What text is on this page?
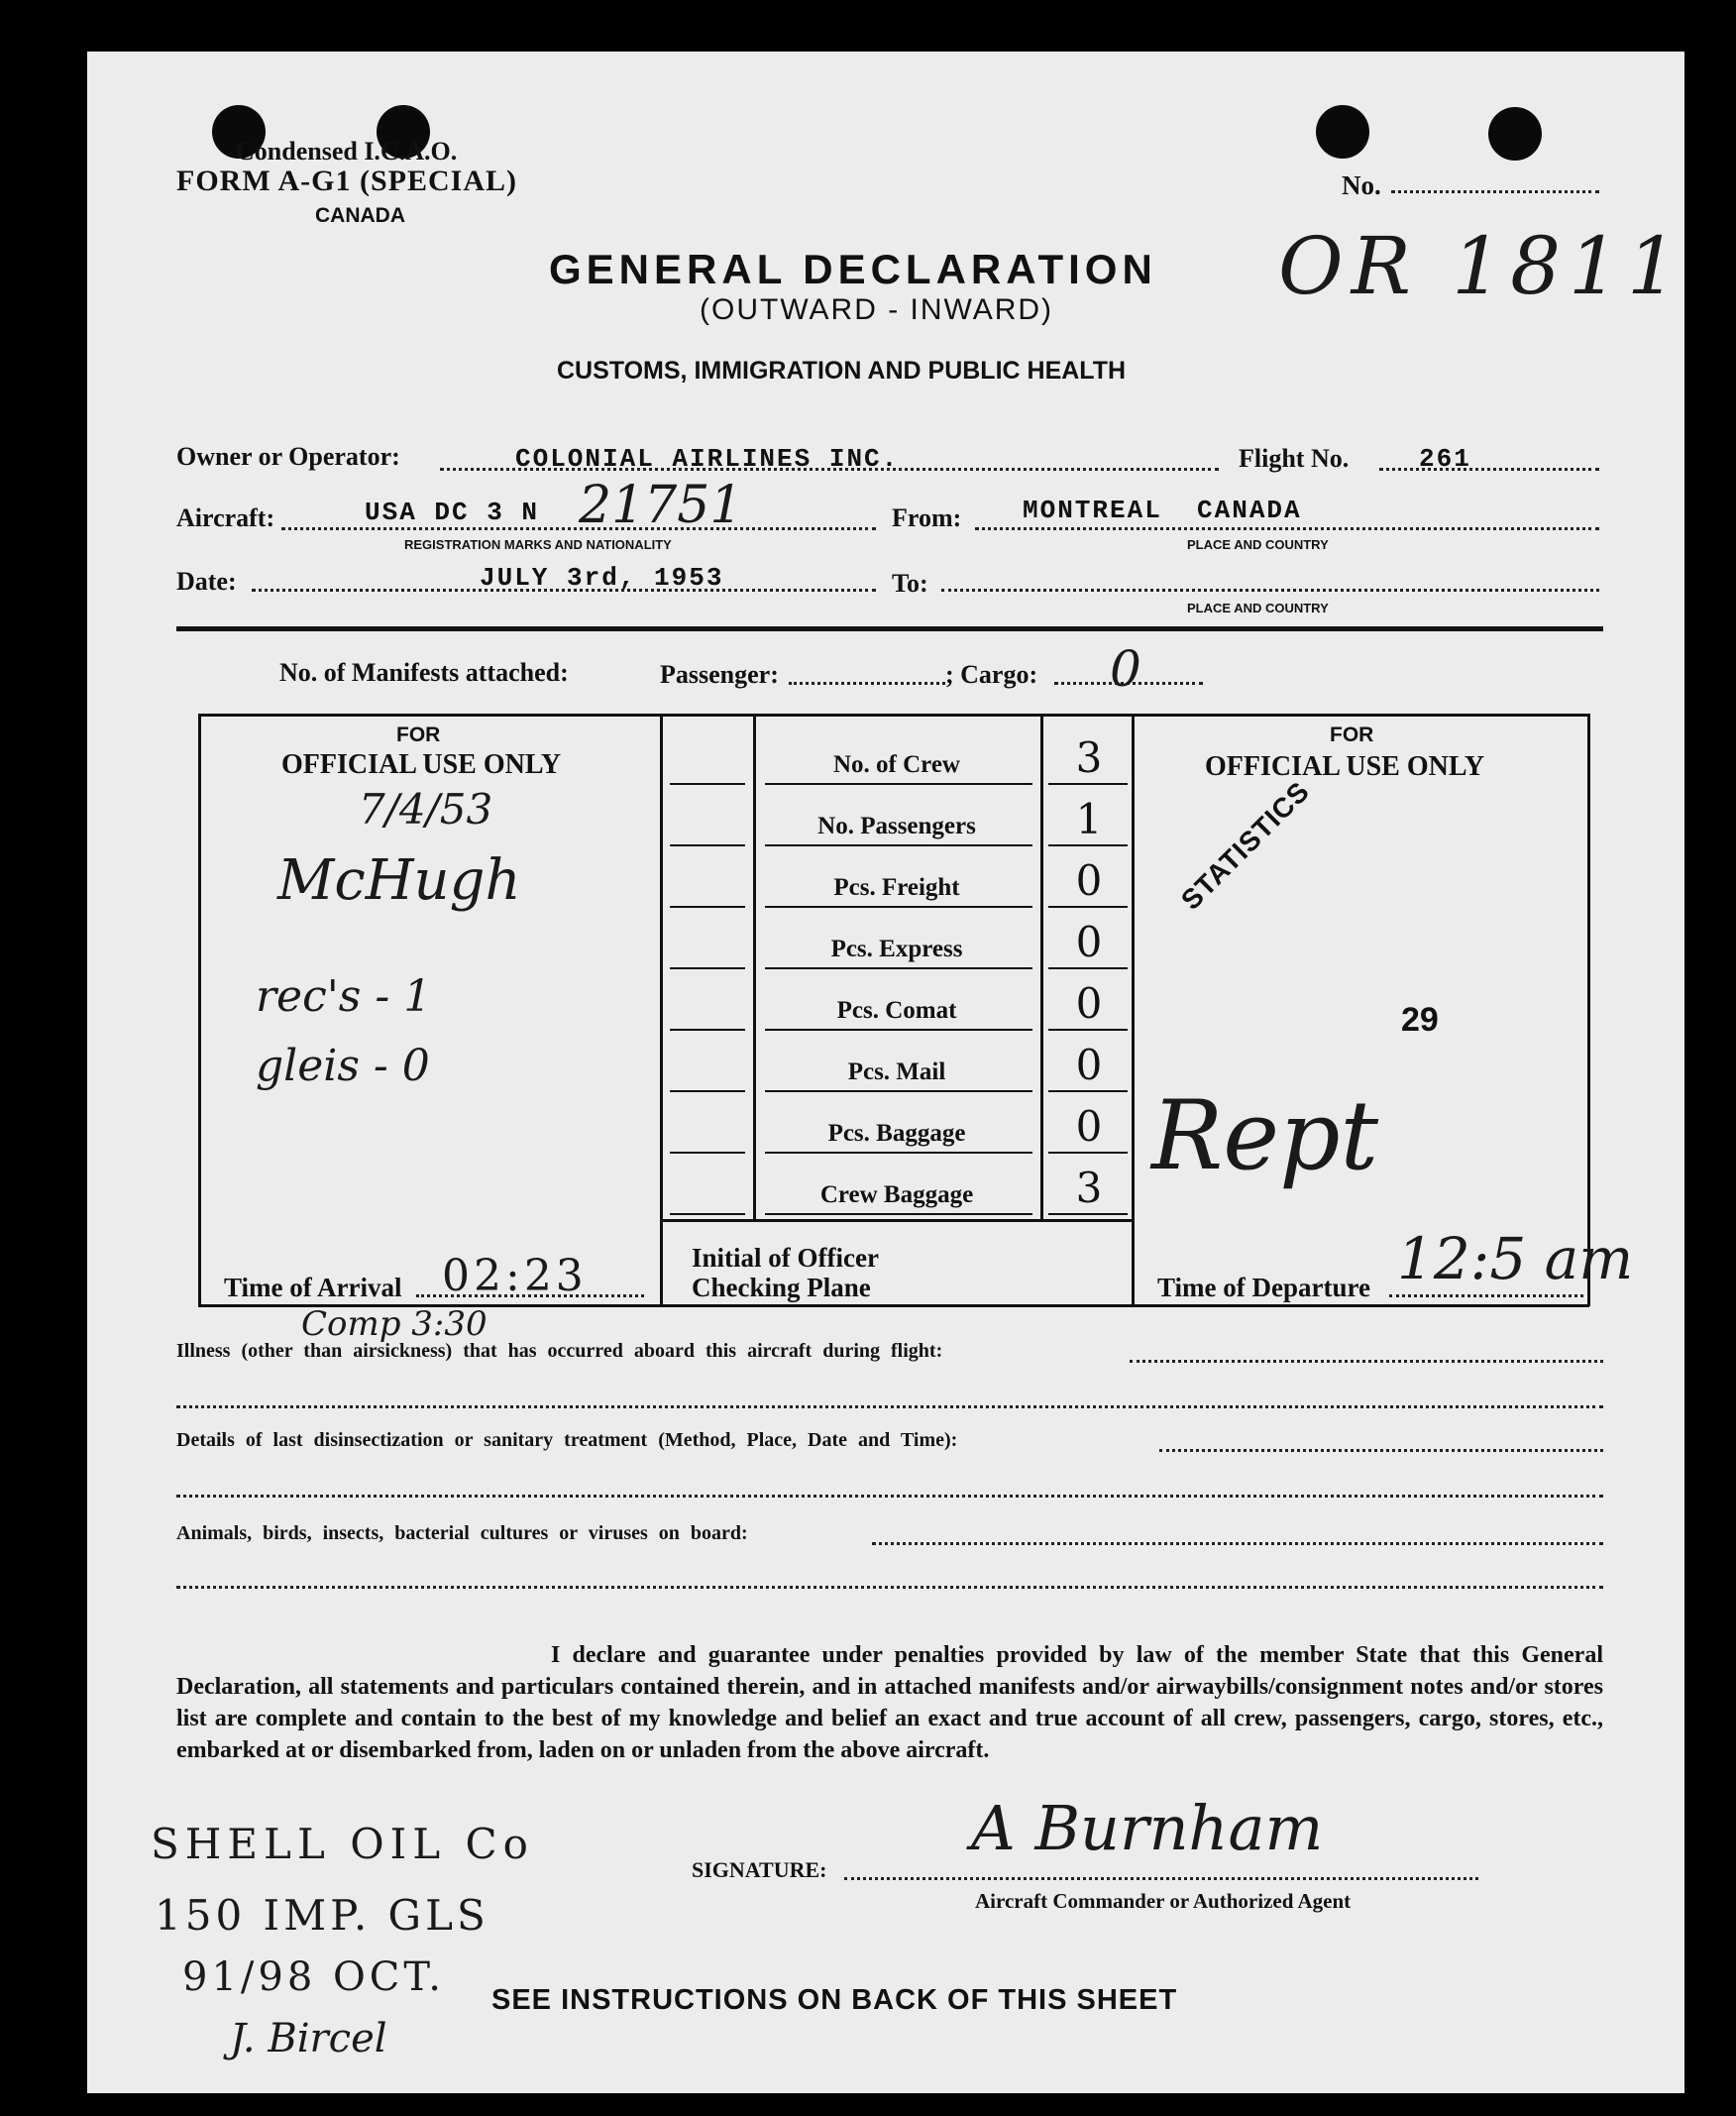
Condensed I.C.A.O.
FORM A-G1 (SPECIAL)
CANADA
No.
GENERAL DECLARATION OR 1811
(OUTWARD - INWARD)
CUSTOMS, IMMIGRATION AND PUBLIC HEALTH
Owner or Operator:	COLONIAL AIRLINES INC.	Flight No.	261
Aircraft:	USA DC 3 N 21751
REGISTRATION MARKS AND NATIONALITY
From: MONTREAL  CANADA
PLACE AND COUNTRY
Date:	JULY 3rd, 1953	To:
PLACE AND COUNTRY
No. of Manifests attached:	Passenger:	; Cargo: 0
FOR
OFFICIAL USE ONLY
7/4/53
McHugh
rec's - 1
gleis - 0
Time of Arrival 02:23
Comp 3:30
No. of Crew	3
No. Passengers	1
Pcs. Freight	0
Pcs. Express	0
Pcs. Comat	0
Pcs. Mail	0
Pcs. Baggage	0
Crew Baggage	3
Initial of Officer
Checking Plane
FOR
OFFICIAL USE ONLY
STATISTICS
29
Rept
Time of Departure 12:5 am
Illness (other than airsickness) that has occurred aboard this aircraft during flight:
Details of last disinsectization or sanitary treatment (Method, Place, Date and Time):
Animals, birds, insects, bacterial cultures or viruses on board:
I declare and guarantee under penalties provided by law of the member State that this General Declaration, all statements and particulars contained therein, and in attached manifests and/or airwaybills/consignment notes and/or stores list are complete and contain to the best of my knowledge and belief an exact and true account of all crew, passengers, cargo, stores, etc., embarked at or disembarked from, laden on or unladen from the above aircraft.
SIGNATURE:
A Burnham
Aircraft Commander or Authorized Agent
SHELL OIL Co
150 IMP. GLS
91/98 OCT.
J. Bircel
SEE INSTRUCTIONS ON BACK OF THIS SHEET
